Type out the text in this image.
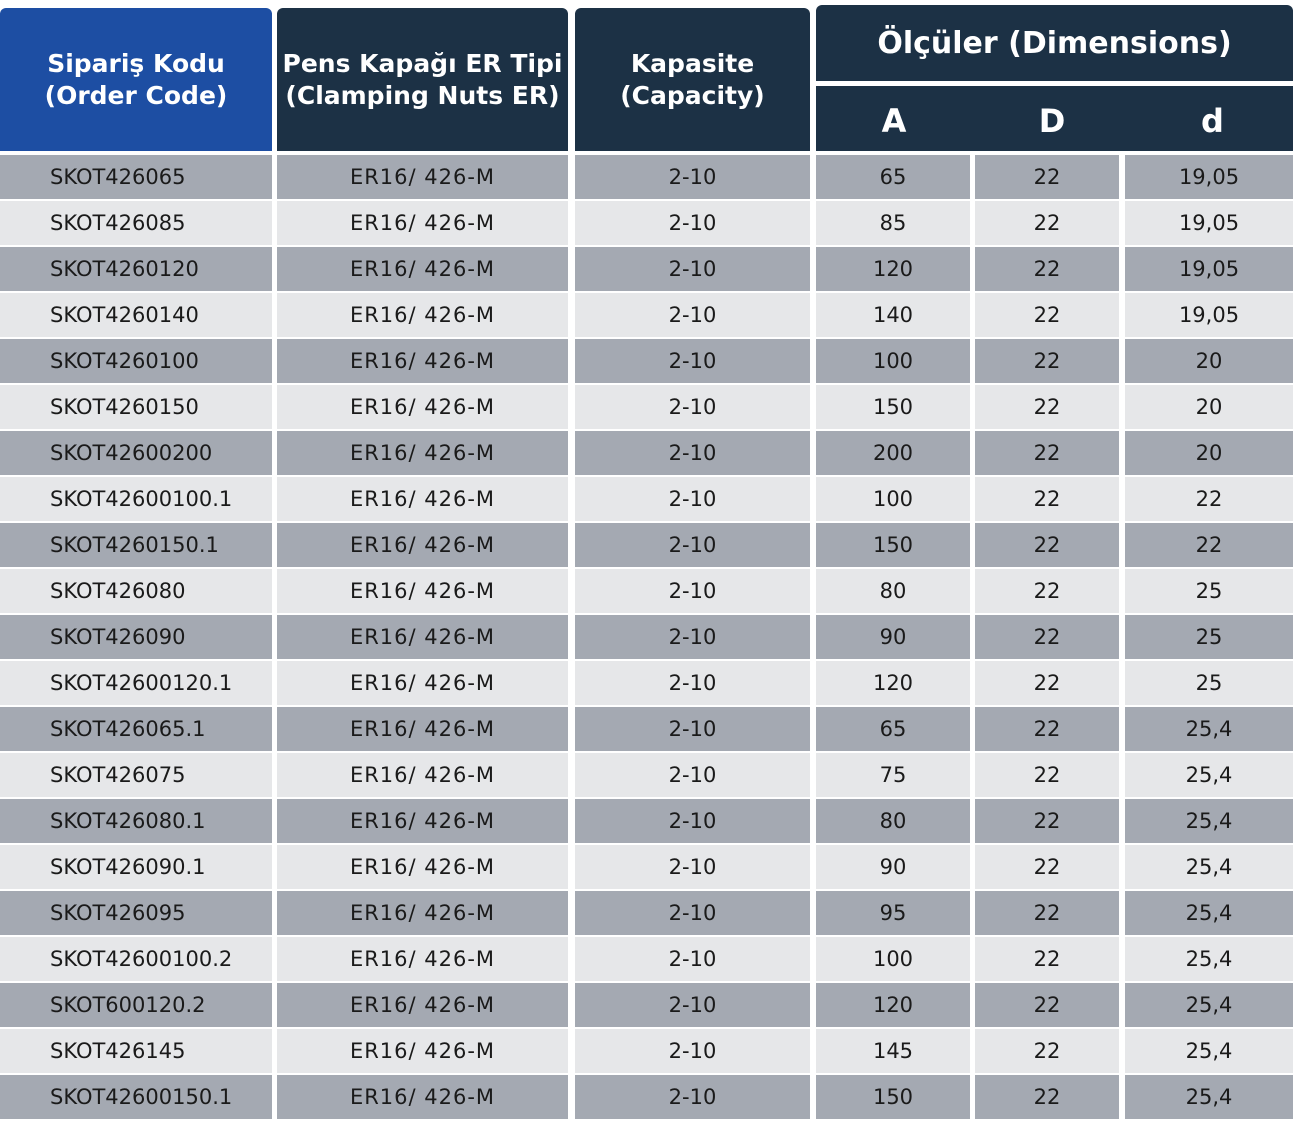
Sipariş Kodu
(Order Code)
Pens Kapağı ER Tipi
(Clamping Nuts ER)
Kapasite
(Capacity)
Ölçüler (Dimensions)
A	D	d
SKOT426065	ER16/ 426-M	2-10	65	22	19,05
SKOT426085	ER16/ 426-M	2-10	85	22	19,05
SKOT4260120	ER16/ 426-M	2-10	120	22	19,05
SKOT4260140	ER16/ 426-M	2-10	140	22	19,05
SKOT4260100	ER16/ 426-M	2-10	100	22	20
SKOT4260150	ER16/ 426-M	2-10	150	22	20
SKOT42600200	ER16/ 426-M	2-10	200	22	20
SKOT42600100.1	ER16/ 426-M	2-10	100	22	22
SKOT4260150.1	ER16/ 426-M	2-10	150	22	22
SKOT426080	ER16/ 426-M	2-10	80	22	25
SKOT426090	ER16/ 426-M	2-10	90	22	25
SKOT42600120.1	ER16/ 426-M	2-10	120	22	25
SKOT426065.1	ER16/ 426-M	2-10	65	22	25,4
SKOT426075	ER16/ 426-M	2-10	75	22	25,4
SKOT426080.1	ER16/ 426-M	2-10	80	22	25,4
SKOT426090.1	ER16/ 426-M	2-10	90	22	25,4
SKOT426095	ER16/ 426-M	2-10	95	22	25,4
SKOT42600100.2	ER16/ 426-M	2-10	100	22	25,4
SKOT600120.2	ER16/ 426-M	2-10	120	22	25,4
SKOT426145	ER16/ 426-M	2-10	145	22	25,4
SKOT42600150.1	ER16/ 426-M	2-10	150	22	25,4
